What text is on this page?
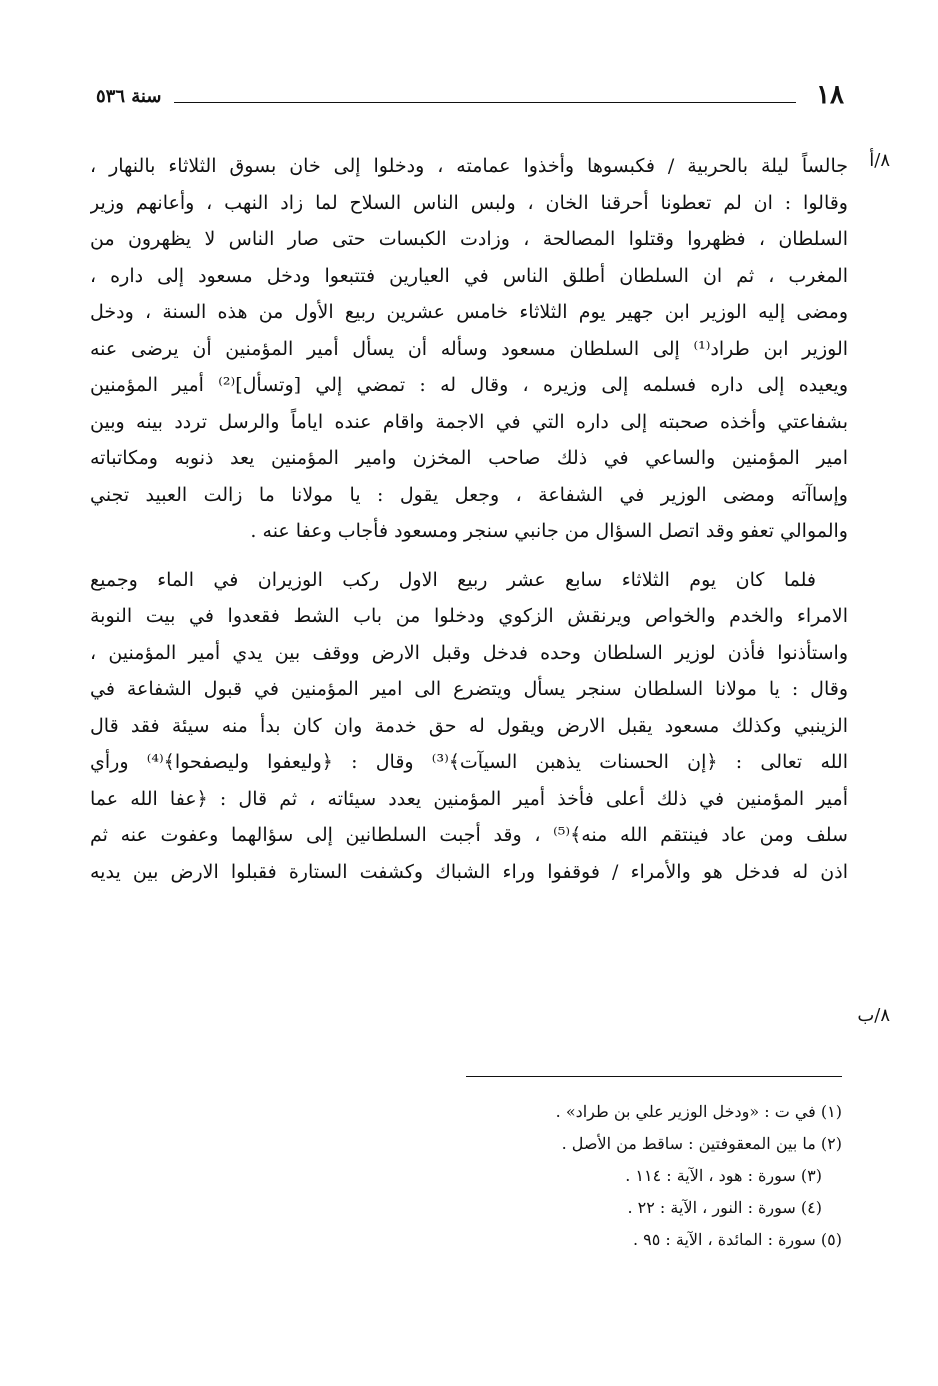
١٨
سنة ٥٣٦
٨/أ
٨/ب
جالساً ليلة بالحربية / فكبسوها وأخذوا عمامته ، ودخلوا إلى خان بسوق الثلاثاء بالنهار ،
وقالوا : ان لم تعطونا أحرقنا الخان ، ولبس الناس السلاح لما زاد النهب ، وأعانهم وزير
السلطان ، فظهروا وقتلوا المصالحة ، وزادت الكبسات حتى صار الناس لا يظهرون من
المغرب ، ثم ان السلطان أطلق الناس في العيارين فتتبعوا ودخل مسعود إلى داره ،
ومضى إليه الوزير ابن جهير يوم الثلاثاء خامس عشرين ربيع الأول من هذه السنة ، ودخل
الوزير ابن طراد⁽¹⁾ إلى السلطان مسعود وسأله أن يسأل أمير المؤمنين أن يرضى عنه
ويعيده إلى داره فسلمه إلى وزيره ، وقال له : تمضي إلي [وتسأل]⁽²⁾ أمير المؤمنين
بشفاعتي وأخذه صحبته إلى داره التي في الاجمة واقام عنده اياماً والرسل تردد بينه وبين
امير المؤمنين والساعي في ذلك صاحب المخزن وامير المؤمنين يعد ذنوبه ومكاتباته
وإساآته ومضى الوزير في الشفاعة ، وجعل يقول : يا مولانا ما زالت العبيد تجني
والموالي تعفو وقد اتصل السؤال من جانبي سنجر ومسعود فأجاب وعفا عنه .
فلما كان يوم الثلاثاء سابع عشر ربيع الاول ركب الوزيران في الماء وجميع
الامراء والخدم والخواص ويرنقش الزكوي ودخلوا من باب الشط فقعدوا في بيت النوبة
واستأذنوا فأذن لوزير السلطان وحده فدخل وقبل الارض ووقف بين يدي أمير المؤمنين ،
وقال : يا مولانا السلطان سنجر يسأل ويتضرع الى امير المؤمنين في قبول الشفاعة في
الزينبي وكذلك مسعود يقبل الارض ويقول له حق خدمة وان كان بدأ منه سيئة فقد قال
الله تعالى : ﴿إن الحسنات يذهبن السيآت﴾⁽³⁾ وقال : ﴿وليعفوا وليصفحوا﴾⁽⁴⁾ ورأي
أمير المؤمنين في ذلك أعلى فأخذ أمير المؤمنين يعدد سيئاته ، ثم قال : ﴿عفا الله عما
سلف ومن عاد فينتقم الله منه﴾⁽⁵⁾ ، وقد أجبت السلطانين إلى سؤالهما وعفوت عنه ثم
اذن له فدخل هو والأمراء / فوقفوا وراء الشباك وكشفت الستارة فقبلوا الارض بين يديه
(١) في ت : «ودخل الوزير علي بن طراد» .
(٢) ما بين المعقوفتين : ساقط من الأصل .
(٣) سورة : هود ، الآية : ١١٤ .
(٤) سورة : النور ، الآية : ٢٢ .
(٥) سورة : المائدة ، الآية : ٩٥ .
